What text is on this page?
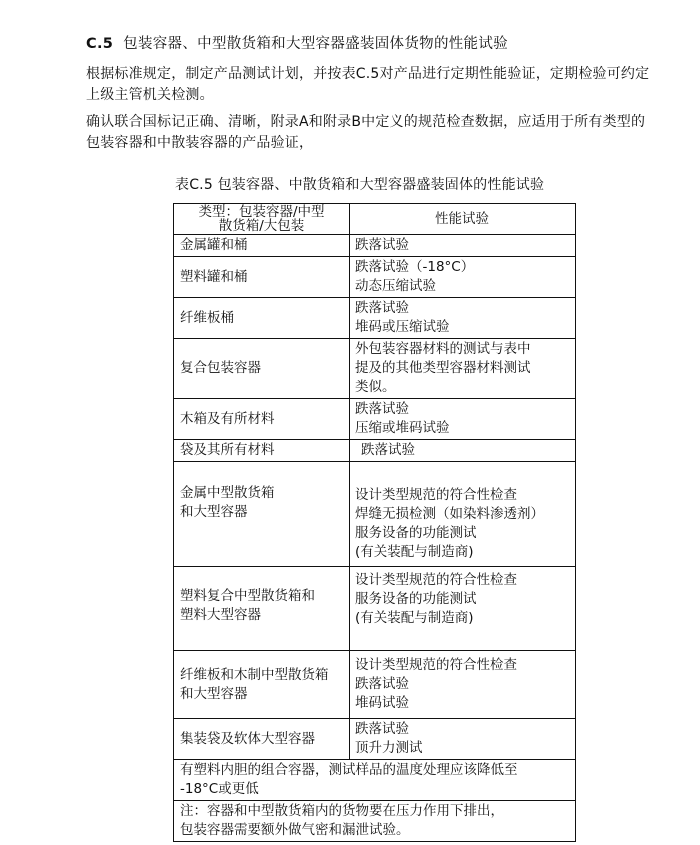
C.5 包装容器、中型散货箱和大型容器盛装固体货物的性能试验
根据标准规定，制定产品测试计划，并按表C.5对产品进行定期性能验证，定期检验可约定上级主管机关检测。
确认联合国标记正确、清晰，附录A和附录B中定义的规范检查数据，应适用于所有类型的包装容器和中散装容器的产品验证，
表C.5 包装容器、中散货箱和大型容器盛装固体的性能试验
类型：包装容器/中型
散货箱/大包装	性能试验

金属罐和桶	跌落试验

塑料罐和桶	跌落试验（-18°C）
动态压缩试验

纤维板桶	跌落试验
堆码或压缩试验

复合包装容器	外包装容器材料的测试与表中
提及的其他类型容器材料测试
类似。

木箱及有所材料	跌落试验
压缩或堆码试验

袋及其所有材料	跌落试验

金属中型散货箱
和大型容器	设计类型规范的符合性检查
焊缝无损检测（如染料渗透剂）
服务设备的功能测试
(有关装配与制造商)

塑料复合中型散货箱和
塑料大型容器	设计类型规范的符合性检查
服务设备的功能测试
(有关装配与制造商)

纤维板和木制中型散货箱
和大型容器	设计类型规范的符合性检查
跌落试验
堆码试验

集装袋及软体大型容器	跌落试验
顶升力测试

有塑料内胆的组合容器，测试样品的温度处理应该降低至
-18°C或更低	

注：容器和中型散货箱内的货物要在压力作用下排出，
包装容器需要额外做气密和漏泄试验。	
